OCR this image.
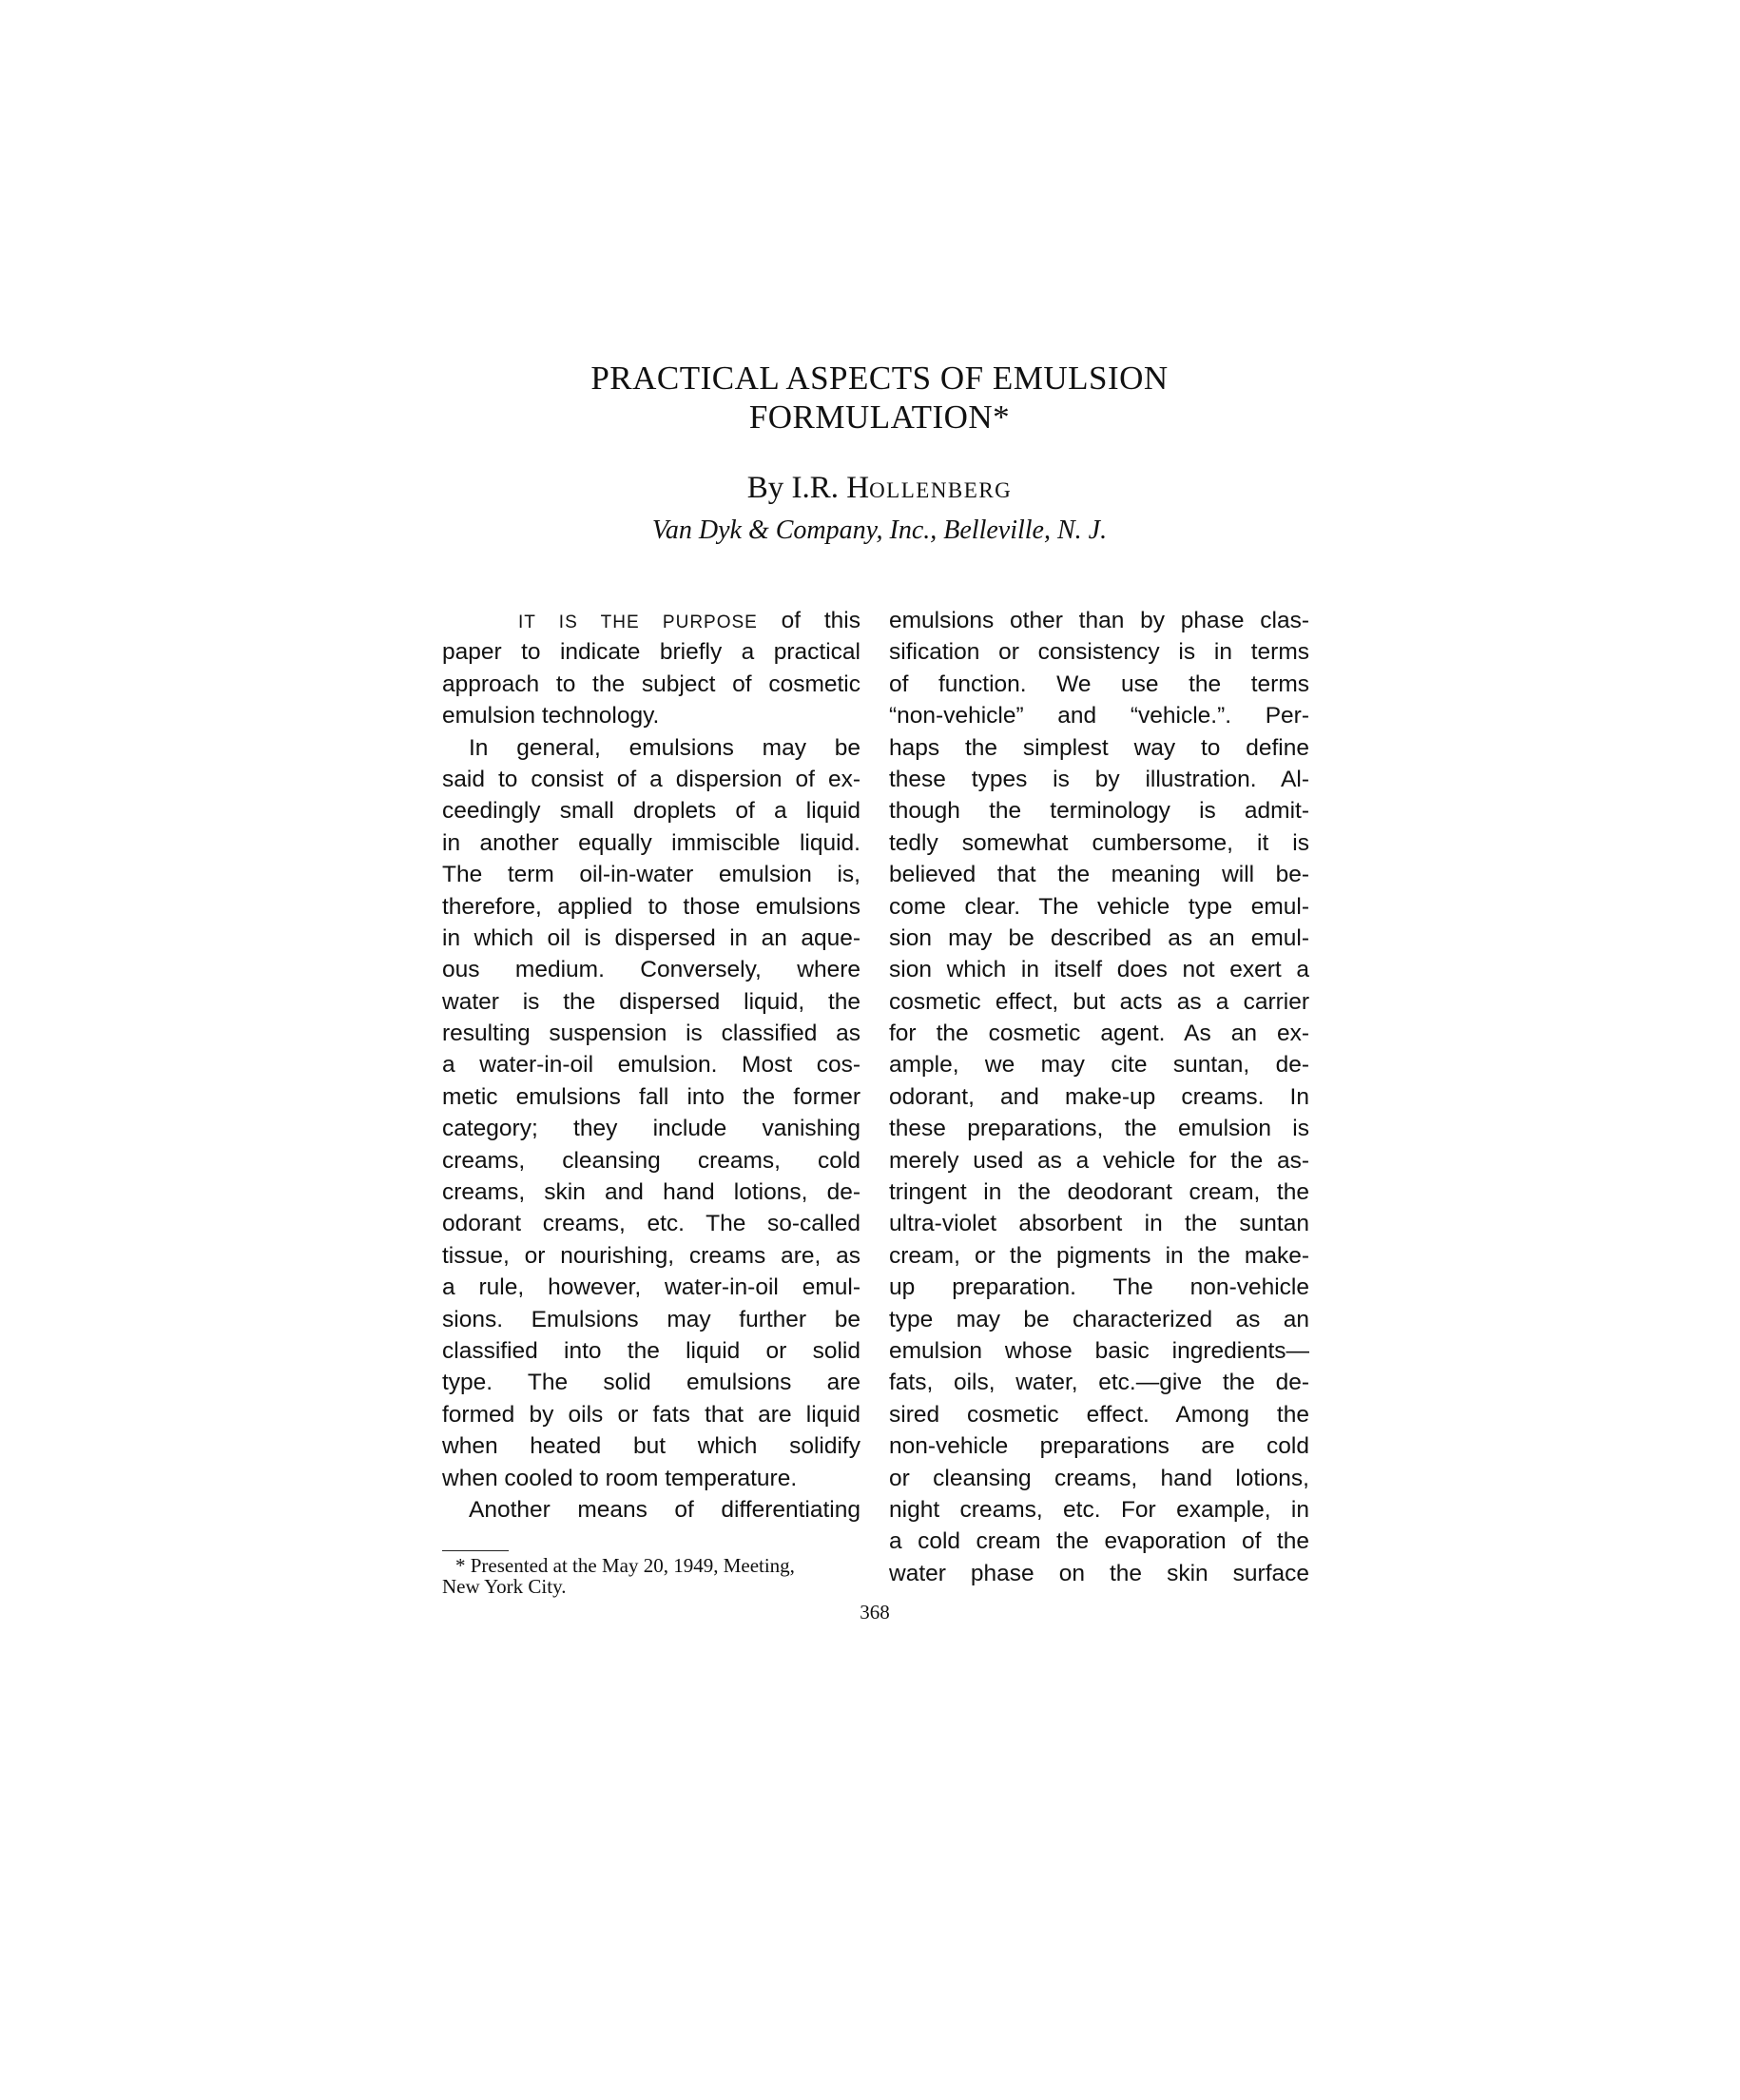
PRACTICAL ASPECTS OF EMULSION
FORMULATION*
By I.R. HOLLENBERG
Van Dyk & Company, Inc., Belleville, N. J.
IT IS THE PURPOSE of this
paper to indicate briefly a practical
approach to the subject of cosmetic
emulsion technology.
In general, emulsions may be
said to consist of a dispersion of ex-
ceedingly small droplets of a liquid
in another equally immiscible liquid.
The term oil-in-water emulsion is,
therefore, applied to those emulsions
in which oil is dispersed in an aque-
ous medium. Conversely, where
water is the dispersed liquid, the
resulting suspension is classified as
a water-in-oil emulsion. Most cos-
metic emulsions fall into the former
category; they include vanishing
creams, cleansing creams, cold
creams, skin and hand lotions, de-
odorant creams, etc. The so-called
tissue, or nourishing, creams are, as
a rule, however, water-in-oil emul-
sions. Emulsions may further be
classified into the liquid or solid
type. The solid emulsions are
formed by oils or fats that are liquid
when heated but which solidify
when cooled to room temperature.
Another means of differentiating
* Presented at the May 20, 1949, Meeting,
New York City.
emulsions other than by phase clas-
sification or consistency is in terms
of function. We use the terms
“non-vehicle” and “vehicle.”. Per-
haps the simplest way to define
these types is by illustration. Al-
though the terminology is admit-
tedly somewhat cumbersome, it is
believed that the meaning will be-
come clear. The vehicle type emul-
sion may be described as an emul-
sion which in itself does not exert a
cosmetic effect, but acts as a carrier
for the cosmetic agent. As an ex-
ample, we may cite suntan, de-
odorant, and make-up creams. In
these preparations, the emulsion is
merely used as a vehicle for the as-
tringent in the deodorant cream, the
ultra-violet absorbent in the suntan
cream, or the pigments in the make-
up preparation. The non-vehicle
type may be characterized as an
emulsion whose basic ingredients—
fats, oils, water, etc.—give the de-
sired cosmetic effect. Among the
non-vehicle preparations are cold
or cleansing creams, hand lotions,
night creams, etc. For example, in
a cold cream the evaporation of the
water phase on the skin surface
368
